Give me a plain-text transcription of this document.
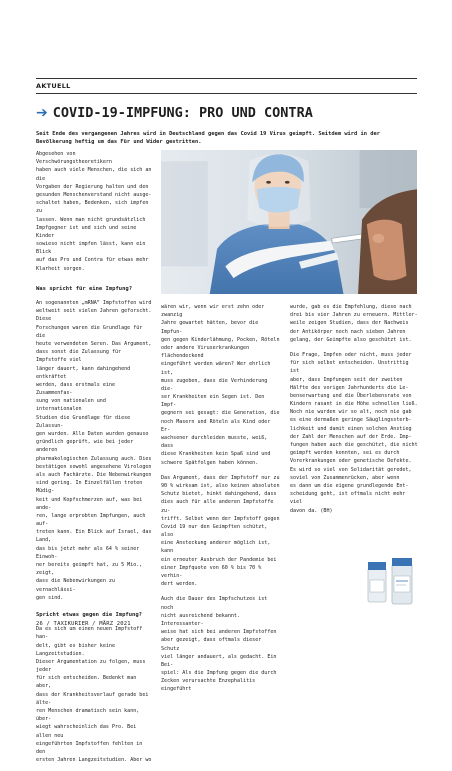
AKTUELL
➔ COVID-19-IMPFUNG: PRO UND CONTRA
Seit Ende des vergangenen Jahres wird in Deutschland gegen das Covid 19 Virus geimpft. Seitdem wird in der Bevölkerung heftig um das Für und Wider gestritten.

Abgesehen von Verschwörungstheoretikern
haben auch viele Menschen, die sich an die
Vorgaben der Regierung halten und den
gesunden Menschenverstand nicht ausge-
schaltet haben, Bedenken, sich impfen zu
lassen. Wenn man nicht grundsätzlich
Impfgegner ist und sich und seine Kinder
sowieso nicht impfen lässt, kann ein Blick
auf das Pro und Contra für etwas mehr
Klarheit sorgen.

Was spricht für eine Impfung?

An sogenannten „mRNA“ Impfstoffen wird
weltweit seit vielen Jahren geforscht. Diese
Forschungen waren die Grundlage für die
heute verwendeten Seren. Das Argument,
dass sonst die Zulassung für Impfstoffe viel
länger dauert, kann dahingehend entkräftet
werden, dass erstmals eine Zusammenfas-
sung von nationalen und internationalen
Studien die Grundlage für diese Zulassun-
gen wurden. Alle Daten wurden genauso
gründlich geprüft, wie bei jeder anderen
pharmakologischen Zulassung auch. Dies
bestätigen sowohl angesehene Virologen
als auch Fachärzte. Die Nebenwirkungen
sind gering. In Einzelfällen treten Müdig-
keit und Kopfschmerzen auf, was bei ande-
ren, lange erprobten Impfungen, auch auf-
treten kann. Ein Blick auf Israel, das Land,
das bis jetzt mehr als 64 % seiner Einwoh-
ner bereits geimpft hat, zu 5 Mio., zeigt,
dass die Nebenwirkungen zu vernachlässi-
gen sind.

Spricht etwas gegen die Impfung?

Da es sich um einen neuen Impfstoff han-
delt, gibt es bisher keine Langzeitstudien.
Dieser Argumentation zu folgen, muss jeder
für sich entscheiden. Bedenkt man aber,
dass der Krankheitsverlauf gerade bei älte-
ren Menschen dramatisch sein kann, über-
wiegt wahrscheinlich das Pro. Bei allen neu
eingeführten Impfstoffen fehlten in den
ersten Jahren Langzeitstudien. Aber wo

wären wir, wenn wir erst zehn oder zwanzig
Jahre gewartet hätten, bevor die Impfun-
gen gegen Kinderlähmung, Pocken, Röteln
oder andere Viruserkrankungen flächendeckend
eingeführt worden wären? Wer ehrlich ist,
muss zugeben, dass die Verhinderung die-
ser Krankheiten ein Segen ist. Den Impf-
gegnern sei gesagt: die Generation, die
noch Masern und Röteln als Kind oder Er-
wachsener durchleiden musste, weiß, dass
diese Krankheiten kein Spaß sind und
schwere Spätfolgen haben können.

Das Argument, dass der Impfstoff nur zu
90 % wirksam ist, also keinen absoluten
Schutz bietet, hinkt dahingehend, dass
dies auch für alle anderen Impfstoffe zu-
trifft. Selbst wenn der Impfstoff gegen
Covid 19 nur den Geimpften schützt, also
eine Ansteckung anderer möglich ist, kann
ein erneuter Ausbruch der Pandemie bei
einer Impfquote von 60 % bis 70 % verhin-
dert werden.

Auch die Dauer des Impfschutzes ist noch
nicht ausreichend bekannt. Interessanter-
weise hat sich bei anderen Impfstoffen
aber gezeigt, dass oftmals dieser Schutz
viel länger andauert, als gedacht. Ein Bei-
spiel: Als die Impfung gegen die durch
Zecken verursachte Enzephalitis eingeführt

26 / TAXIKURIER / MÄRZ 2021

wurde, gab es die Empfehlung, diese nach
drei bis vier Jahren zu erneuern. Mittler-
weile zeigen Studien, dass der Nachweis
der Antikörper noch nach sieben Jahren
gelang, der Geimpfte also geschützt ist.

Die Frage, Impfen oder nicht, muss jeder
für sich selbst entscheiden. Unstrittig ist
aber, dass Impfungen seit der zweiten
Hälfte des vorigen Jahrhunderts die Le-
benserwartung und die Überlebensrate von
Kindern rasant in die Höhe schnellen ließ.
Noch nie wurden wir so alt, noch nie gab
es eine dermaßen geringe Säuglingssterb-
lichkeit und damit einen solchen Anstieg
der Zahl der Menschen auf der Erde. Imp-
fungen haben auch die geschützt, die nicht
geimpft werden konnten, sei es durch
Vorerkrankungen oder genetische Defekte.
Es wird so viel von Solidarität geredet,
soviel von Zusammenrücken, aber wenn
es dann um die eigene grundlegende Ent-
scheidung geht, ist oftmals nicht mehr viel
davon da. (BH)
